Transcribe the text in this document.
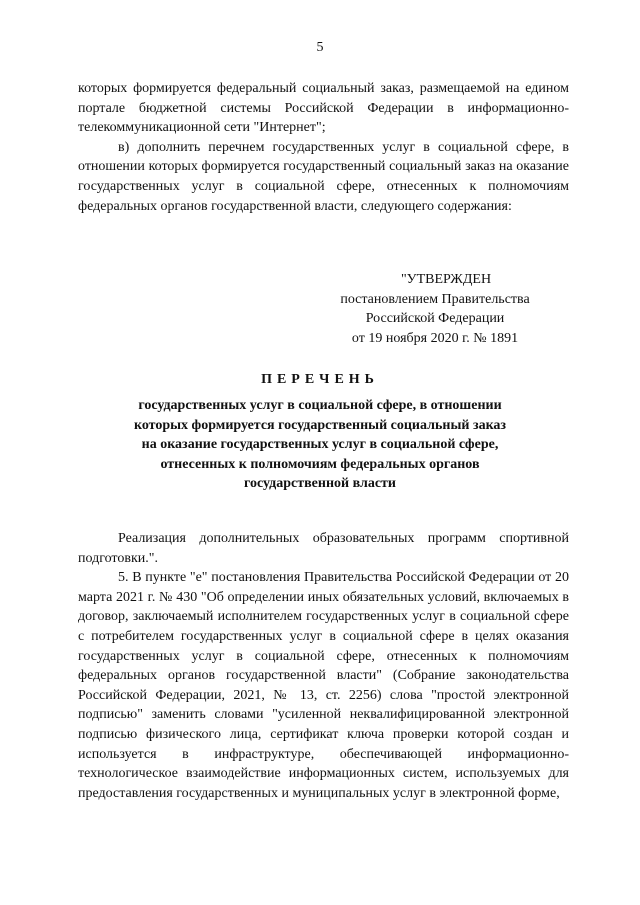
5

которых формируется федеральный социальный заказ, размещаемой на едином портале бюджетной системы Российской Федерации в информационно-телекоммуникационной сети "Интернет";

в) дополнить перечнем государственных услуг в социальной сфере, в отношении которых формируется государственный социальный заказ на оказание государственных услуг в социальной сфере, отнесенных к полномочиям федеральных органов государственной власти, следующего содержания:

"УТВЕРЖДЕН
постановлением Правительства
Российской Федерации
от 19 ноября 2020 г. № 1891
ПЕРЕЧЕНЬ
государственных услуг в социальной сфере, в отношении
которых формируется государственный социальный заказ
на оказание государственных услуг в социальной сфере,
отнесенных к полномочиям федеральных органов
государственной власти

Реализация дополнительных образовательных программ спортивной подготовки.".

5. В пункте "е" постановления Правительства Российской Федерации от 20 марта 2021 г. № 430 "Об определении иных обязательных условий, включаемых в договор, заключаемый исполнителем государственных услуг в социальной сфере с потребителем государственных услуг в социальной сфере в целях оказания государственных услуг в социальной сфере, отнесенных к полномочиям федеральных органов государственной власти" (Собрание законодательства Российской Федерации, 2021, № 13, ст. 2256) слова "простой электронной подписью" заменить словами "усиленной неквалифицированной электронной подписью физического лица, сертификат ключа проверки которой создан и используется в инфраструктуре, обеспечивающей информационно-технологическое взаимодействие информационных систем, используемых для предоставления государственных и муниципальных услуг в электронной форме,
